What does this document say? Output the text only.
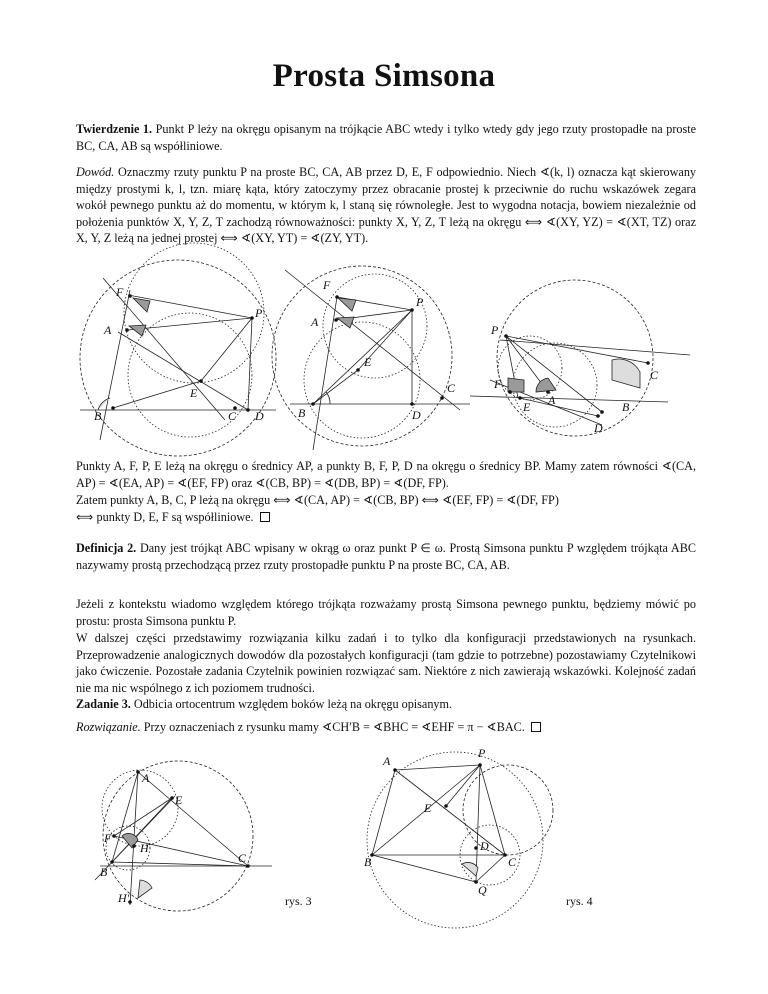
Prosta Simsona
Twierdzenie 1. Punkt P leży na okręgu opisanym na trójkącie ABC wtedy i tylko wtedy gdy jego rzuty prostopadłe na proste BC, CA, AB są współliniowe.
Dowód. Oznaczmy rzuty punktu P na proste BC, CA, AB przez D, E, F odpowiednio. Niech ∢(k, l) oznacza kąt skierowany między prostymi k, l, tzn. miarę kąta, który zatoczymy przez obracanie prostej k przeciwnie do ruchu wskazówek zegara wokół pewnego punktu aż do momentu, w którym k, l staną się równoległe. Jest to wygodna notacja, bowiem niezależnie od położenia punktów X, Y, Z, T zachodzą równoważności: punkty X, Y, Z, T leżą na okręgu ⟺ ∢(XY, YZ) = ∢(XT, TZ) oraz X, Y, Z leżą na jednej prostej ⟺ ∢(XY, YT) = ∢(ZY, YT).
F
P
A
E
B	C D
F
P
A
E
C
B	D
P
C
F
A
E	B
D
A
E
F
H
C
B
H′
A
P
E
D
B	C
Q
Punkty A, F, P, E leżą na okręgu o średnicy AP, a punkty B, F, P, D na okręgu o średnicy BP. Mamy zatem równości ∢(CA, AP) = ∢(EA, AP) = ∢(EF, FP) oraz ∢(CB, BP) = ∢(DB, BP) = ∢(DF, FP).
Zatem punkty A, B, C, P leżą na okręgu ⟺ ∢(CA, AP) = ∢(CB, BP) ⟺ ∢(EF, FP) = ∢(DF, FP)
⟺ punkty D, E, F są współliniowe.
Definicja 2. Dany jest trójkąt ABC wpisany w okrąg ω oraz punkt P ∈ ω. Prostą Simsona punktu P względem trójkąta ABC nazywamy prostą przechodzącą przez rzuty prostopadłe punktu P na proste BC, CA, AB.
Jeżeli z kontekstu wiadomo względem którego trójkąta rozważamy prostą Simsona pewnego punktu, będziemy mówić po prostu: prosta Simsona punktu P.
W dalszej części przedstawimy rozwiązania kilku zadań i to tylko dla konfiguracji przedstawionych na rysunkach. Przeprowadzenie analogicznych dowodów dla pozostałych konfiguracji (tam gdzie to potrzebne) pozostawiamy Czytelnikowi jako ćwiczenie. Pozostałe zadania Czytelnik powinien rozwiązać sam. Niektóre z nich zawierają wskazówki. Kolejność zadań nie ma nic wspólnego z ich poziomem trudności.
Zadanie 3. Odbicia ortocentrum względem boków leżą na okręgu opisanym.
Rozwiązanie. Przy oznaczeniach z rysunku mamy ∢CH′B = ∢BHC = ∢EHF = π − ∢BAC.
rys. 3	rys. 4
